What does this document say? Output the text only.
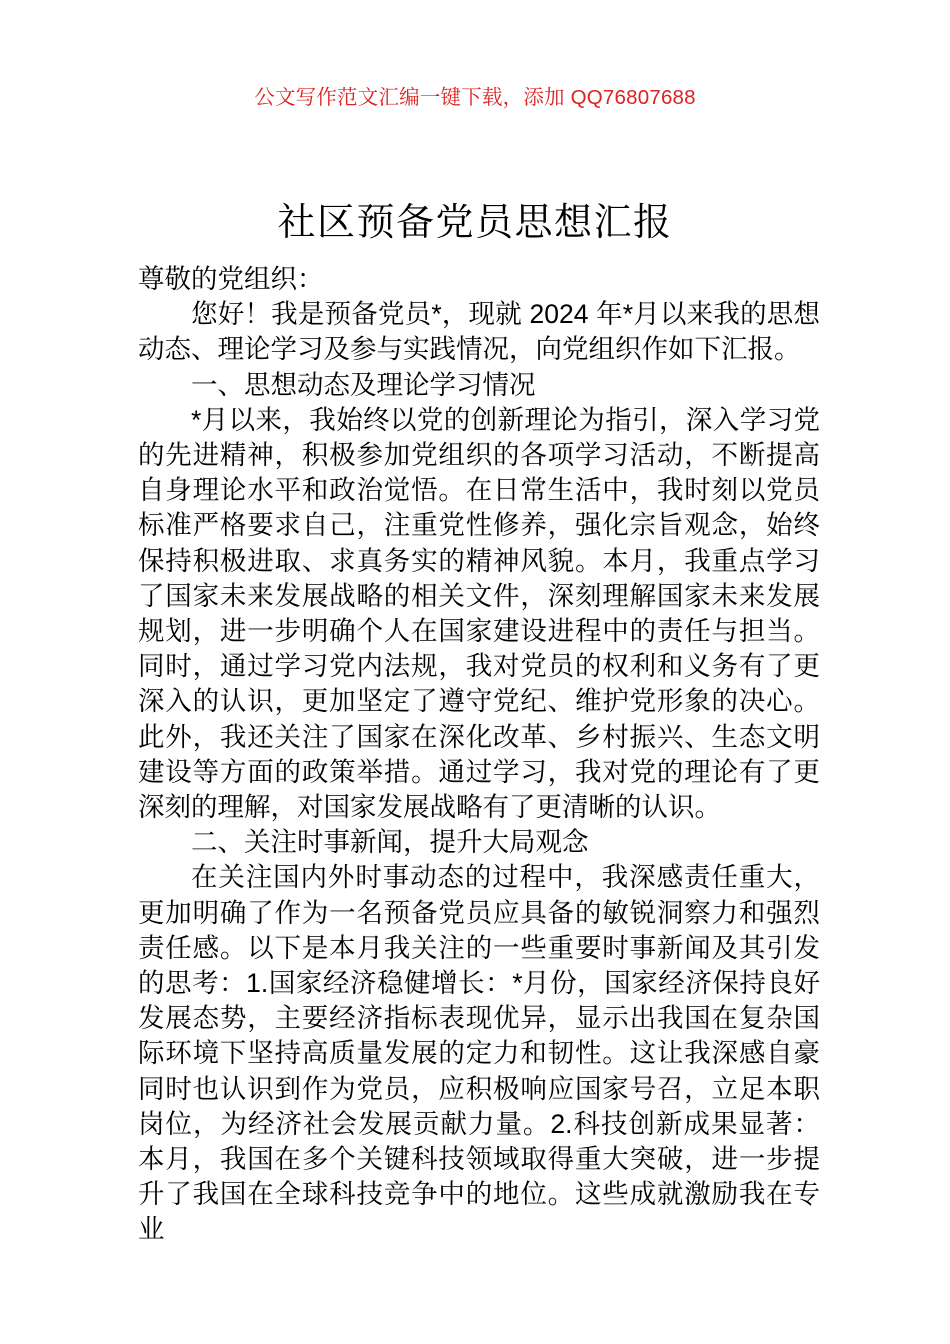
公文写作范文汇编一键下载，添加 QQ76807688
社区预备党员思想汇报

尊敬的党组织：

您好！我是预备党员*，现就 2024 年*月以来我的思想动态、理论学习及参与实践情况，向党组织作如下汇报。

一、思想动态及理论学习情况

*月以来，我始终以党的创新理论为指引，深入学习党的先进精神，积极参加党组织的各项学习活动，不断提高自身理论水平和政治觉悟。在日常生活中，我时刻以党员标准严格要求自己，注重党性修养，强化宗旨观念，始终保持积极进取、求真务实的精神风貌。本月，我重点学习了国家未来发展战略的相关文件，深刻理解国家未来发展规划，进一步明确个人在国家建设进程中的责任与担当。同时，通过学习党内法规，我对党员的权利和义务有了更深入的认识，更加坚定了遵守党纪、维护党形象的决心。此外，我还关注了国家在深化改革、乡村振兴、生态文明建设等方面的政策举措。通过学习，我对党的理论有了更深刻的理解，对国家发展战略有了更清晰的认识。

二、关注时事新闻，提升大局观念

在关注国内外时事动态的过程中，我深感责任重大，更加明确了作为一名预备党员应具备的敏锐洞察力和强烈责任感。以下是本月我关注的一些重要时事新闻及其引发的思考：1.国家经济稳健增长：*月份，国家经济保持良好发展态势，主要经济指标表现优异，显示出我国在复杂国际环境下坚持高质量发展的定力和韧性。这让我深感自豪同时也认识到作为党员，应积极响应国家号召，立足本职岗位，为经济社会发展贡献力量。2.科技创新成果显著：本月，我国在多个关键科技领域取得重大突破，进一步提升了我国在全球科技竞争中的地位。这些成就激励我在专业
